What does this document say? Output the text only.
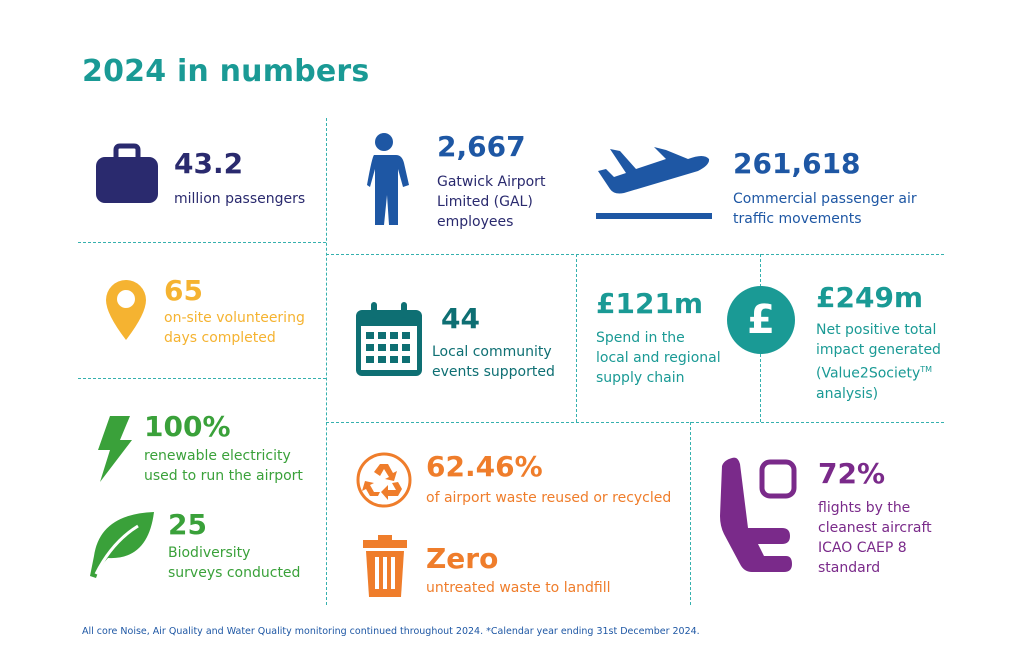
2024 in numbers
43.2
million passengers
2,667
Gatwick Airport
Limited (GAL)
employees
261,618
Commercial passenger air
traffic movements
65
on-site volunteering
days completed
44
Local community
events supported
£121m
Spend in the
local and regional
supply chain
£	£249m
Net positive total
impact generated
(Value2Society™
analysis)
100%
renewable electricity
used to run the airport
25
Biodiversity
surveys conducted
62.46%
of airport waste reused or recycled
Zero
untreated waste to landfill
72%
flights by the
cleanest aircraft
ICAO CAEP 8
standard
All core Noise, Air Quality and Water Quality monitoring continued throughout 2024. *Calendar year ending 31st December 2024.
